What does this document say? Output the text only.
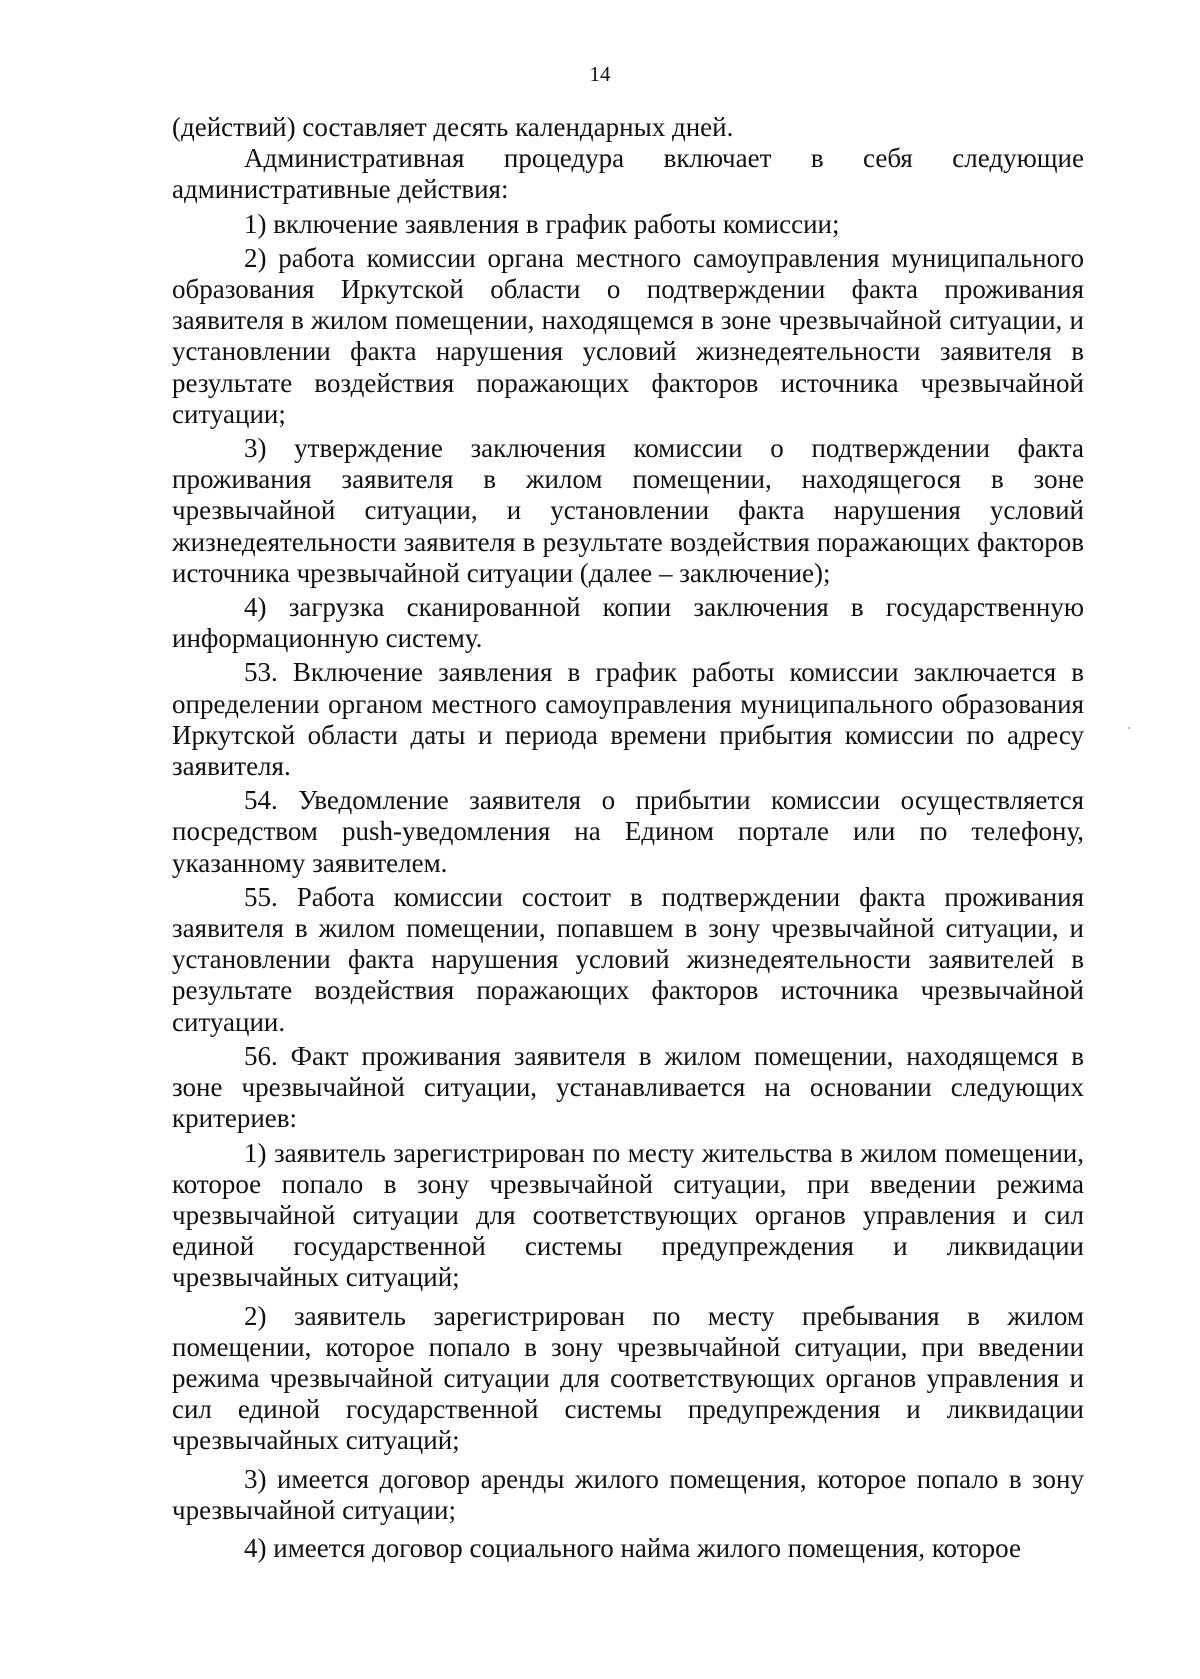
14

(действий) составляет десять календарных дней.

Административная процедура включает в себя следующие административные действия:

1) включение заявления в график работы комиссии;

2) работа комиссии органа местного самоуправления муниципального образования Иркутской области о подтверждении факта проживания заявителя в жилом помещении, находящемся в зоне чрезвычайной ситуации, и установлении факта нарушения условий жизнедеятельности заявителя в результате воздействия поражающих факторов источника чрезвычайной ситуации;

3) утверждение заключения комиссии о подтверждении факта проживания заявителя в жилом помещении, находящегося в зоне чрезвычайной ситуации, и установлении факта нарушения условий жизнедеятельности заявителя в результате воздействия поражающих факторов источника чрезвычайной ситуации (далее – заключение);

4) загрузка сканированной копии заключения в государственную информационную систему.

53. Включение заявления в график работы комиссии заключается в определении органом местного самоуправления муниципального образования Иркутской области даты и периода времени прибытия комиссии по адресу заявителя.

54. Уведомление заявителя о прибытии комиссии осуществляется посредством push-уведомления на Едином портале или по телефону, указанному заявителем.

55. Работа комиссии состоит в подтверждении факта проживания заявителя в жилом помещении, попавшем в зону чрезвычайной ситуации, и установлении факта нарушения условий жизнедеятельности заявителей в результате воздействия поражающих факторов источника чрезвычайной ситуации.

56. Факт проживания заявителя в жилом помещении, находящемся в зоне чрезвычайной ситуации, устанавливается на основании следующих критериев:

1) заявитель зарегистрирован по месту жительства в жилом помещении, которое попало в зону чрезвычайной ситуации, при введении режима чрезвычайной ситуации для соответствующих органов управления и сил единой государственной системы предупреждения и ликвидации чрезвычайных ситуаций;

2) заявитель зарегистрирован по месту пребывания в жилом помещении, которое попало в зону чрезвычайной ситуации, при введении режима чрезвычайной ситуации для соответствующих органов управления и сил единой государственной системы предупреждения и ликвидации чрезвычайных ситуаций;

3) имеется договор аренды жилого помещения, которое попало в зону чрезвычайной ситуации;

4) имеется договор социального найма жилого помещения, которое
